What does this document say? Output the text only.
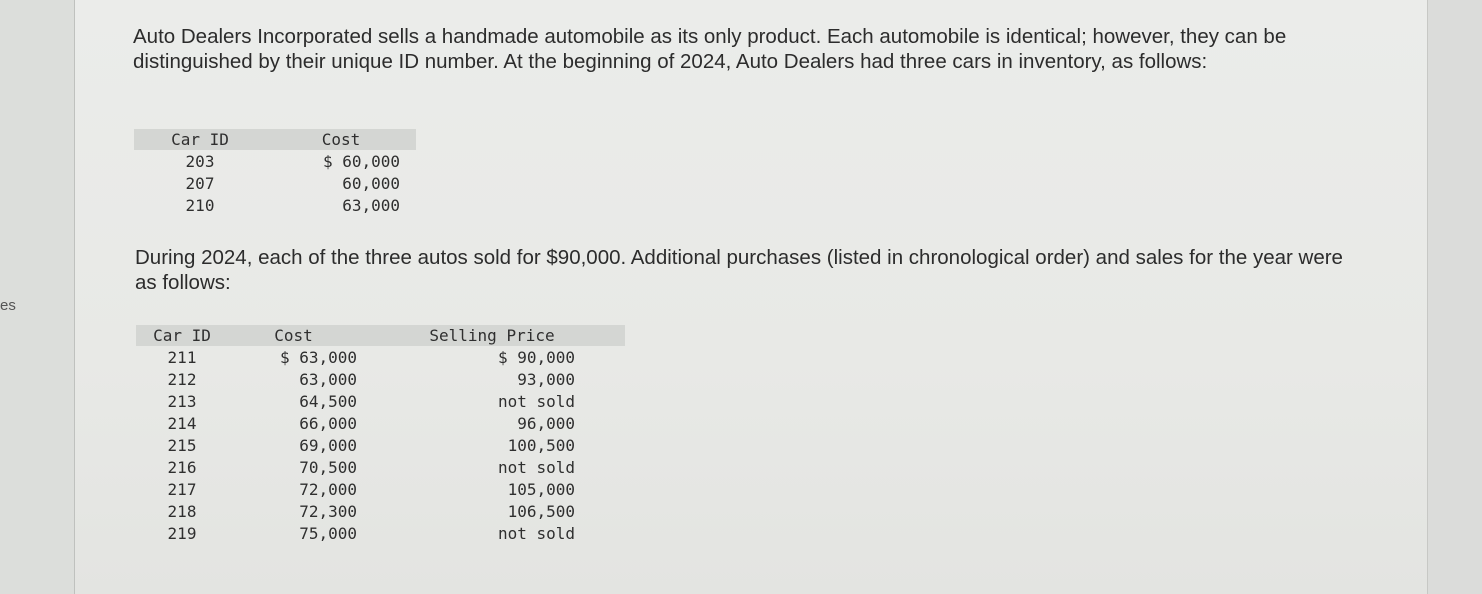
es

Auto Dealers Incorporated sells a handmade automobile as its only product. Each automobile is identical; however, they can be distinguished by their unique ID number. At the beginning of 2024, Auto Dealers had three cars in inventory, as follows:

Car ID	Cost
203	$ 60,000
207	60,000
210	63,000

During 2024, each of the three autos sold for $90,000. Additional purchases (listed in chronological order) and sales for the year were as follows:

Car ID	Cost	Selling Price
211	$ 63,000	$ 90,000
212	63,000	93,000
213	64,500	not sold
214	66,000	96,000
215	69,000	100,500
216	70,500	not sold
217	72,000	105,000
218	72,300	106,500
219	75,000	not sold
